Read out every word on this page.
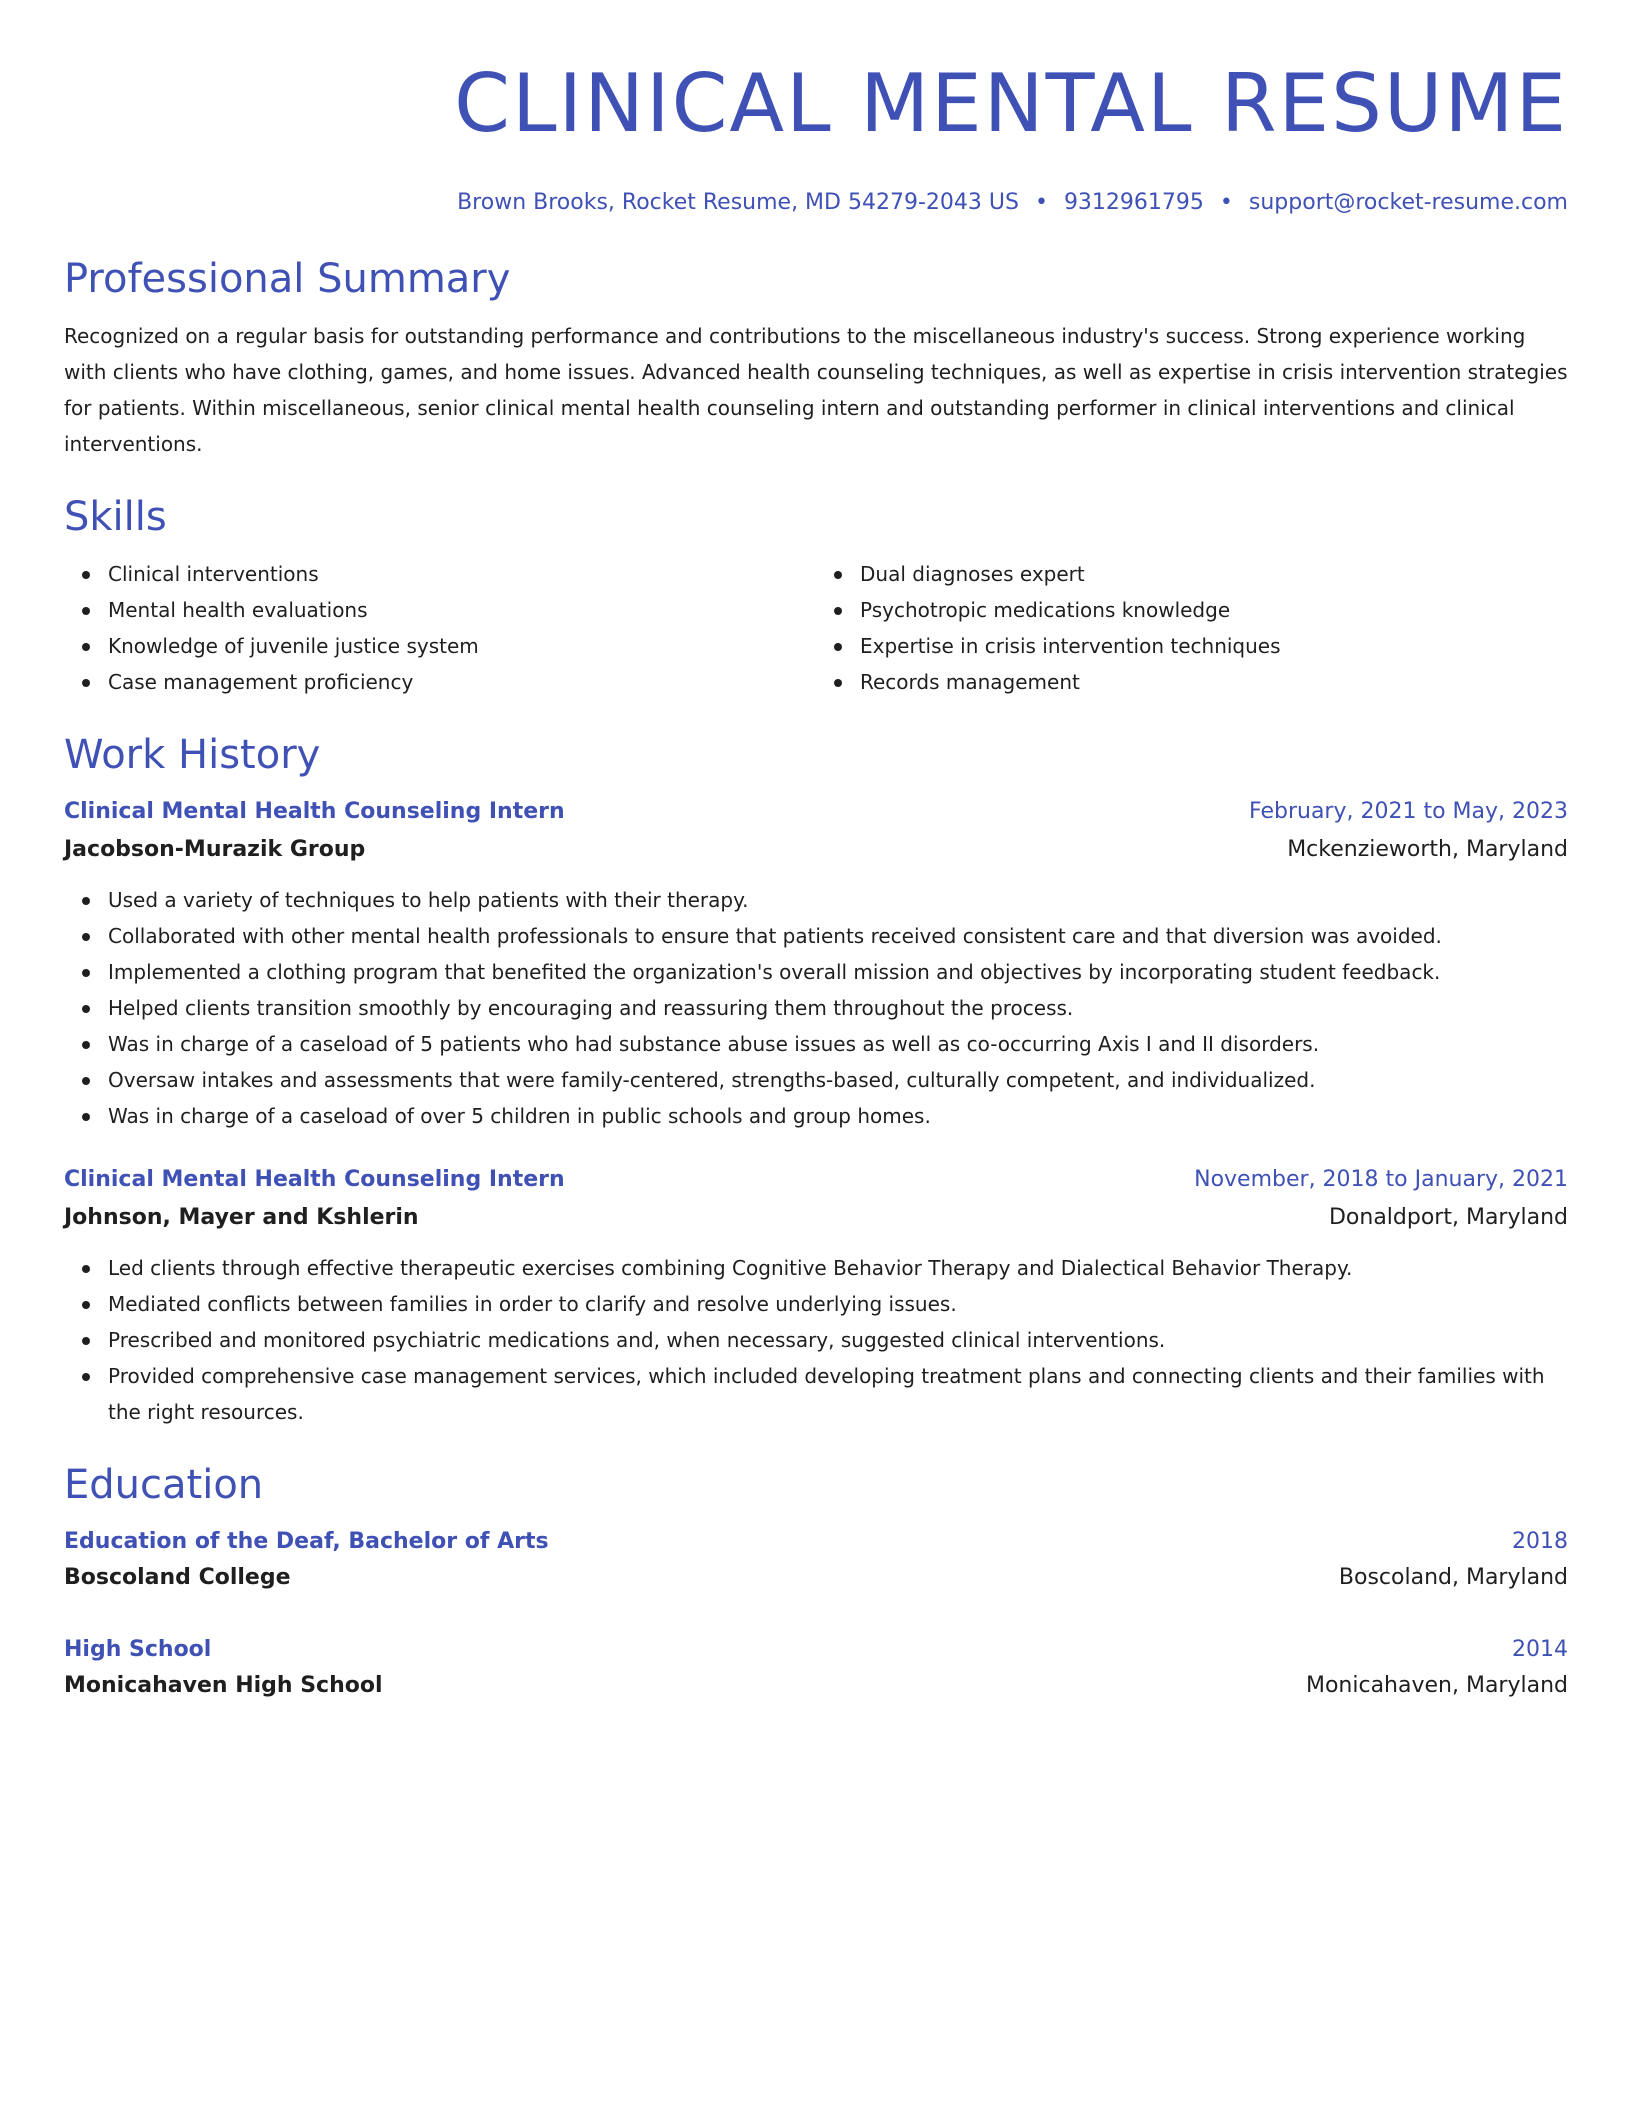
CLINICAL MENTAL RESUME
Brown Brooks, Rocket Resume, MD 54279-2043 US • 9312961795 • support@rocket-resume.com
Professional Summary

Recognized on a regular basis for outstanding performance and contributions to the miscellaneous industry's success. Strong experience working with clients who have clothing, games, and home issues. Advanced health counseling techniques, as well as expertise in crisis intervention strategies for patients. Within miscellaneous, senior clinical mental health counseling intern and outstanding performer in clinical interventions and clinical interventions.

Skills
Clinical interventions
Mental health evaluations
Knowledge of juvenile justice system
Case management proficiency
Dual diagnoses expert
Psychotropic medications knowledge
Expertise in crisis intervention techniques
Records management
Work History
Clinical Mental Health Counseling Intern	February, 2021 to May, 2023
Jacobson-Murazik Group	Mckenzieworth, Maryland
Used a variety of techniques to help patients with their therapy.
Collaborated with other mental health professionals to ensure that patients received consistent care and that diversion was avoided.
Implemented a clothing program that benefited the organization's overall mission and objectives by incorporating student feedback.
Helped clients transition smoothly by encouraging and reassuring them throughout the process.
Was in charge of a caseload of 5 patients who had substance abuse issues as well as co-occurring Axis I and II disorders.
Oversaw intakes and assessments that were family-centered, strengths-based, culturally competent, and individualized.
Was in charge of a caseload of over 5 children in public schools and group homes.
Clinical Mental Health Counseling Intern	November, 2018 to January, 2021
Johnson, Mayer and Kshlerin	Donaldport, Maryland
Led clients through effective therapeutic exercises combining Cognitive Behavior Therapy and Dialectical Behavior Therapy.
Mediated conflicts between families in order to clarify and resolve underlying issues.
Prescribed and monitored psychiatric medications and, when necessary, suggested clinical interventions.
Provided comprehensive case management services, which included developing treatment plans and connecting clients and their families with the right resources.
Education
Education of the Deaf, Bachelor of Arts	2018
Boscoland College	Boscoland, Maryland
High School	2014
Monicahaven High School	Monicahaven, Maryland
